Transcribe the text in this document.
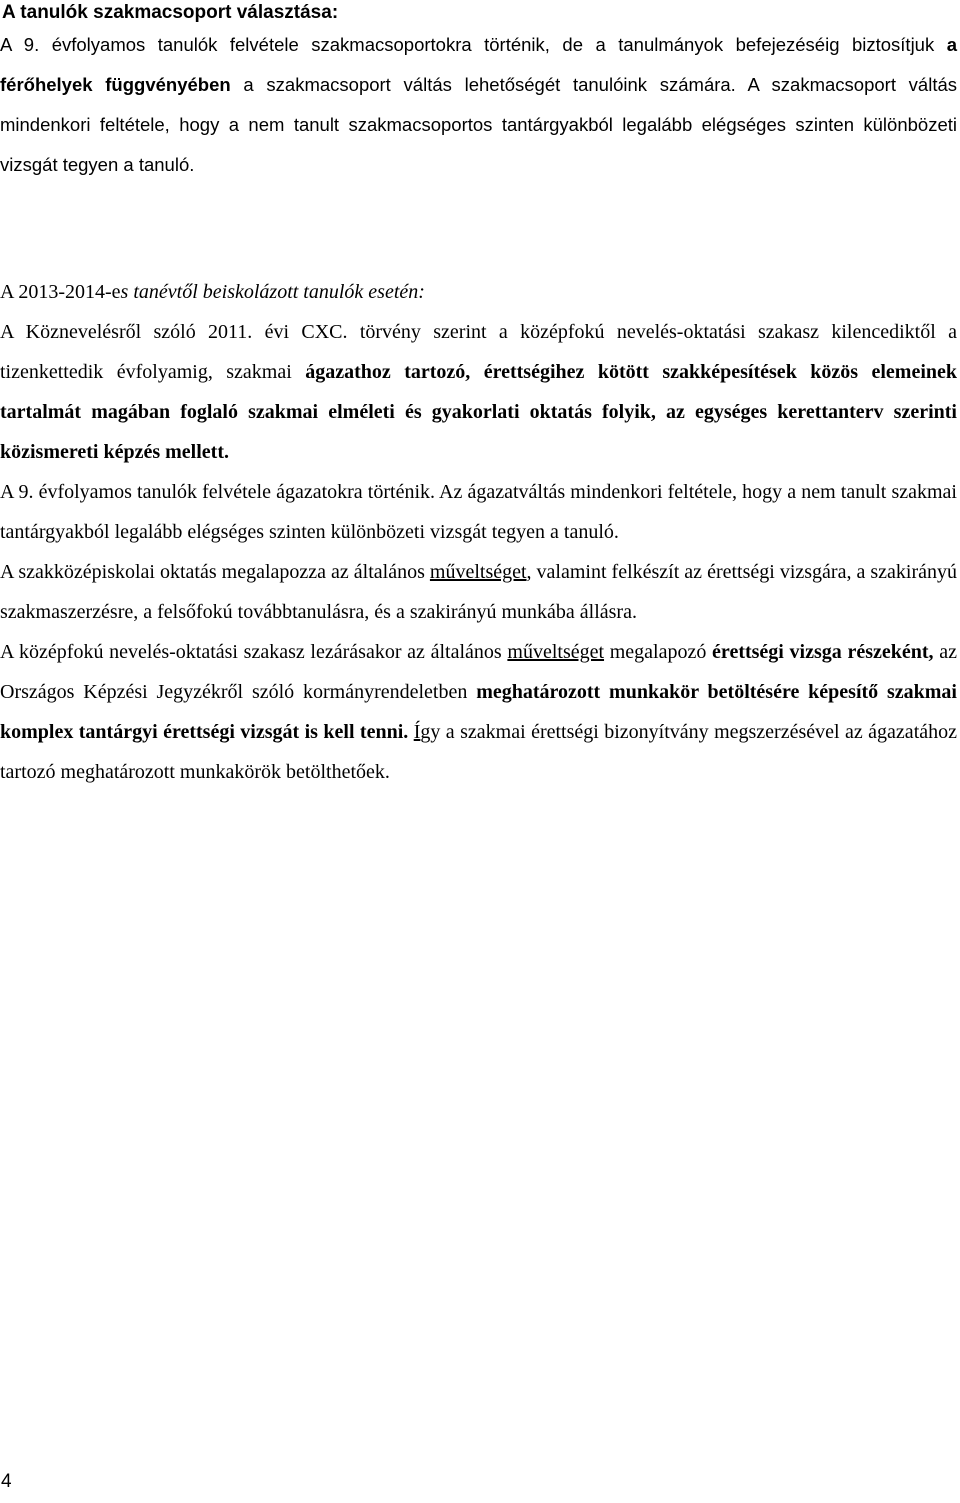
A tanulók szakmacsoport választása:

A 9. évfolyamos tanulók felvétele szakmacsoportokra történik, de a tanulmányok befejezéséig biztosítjuk a férőhelyek függvényében a szakmacsoport váltás lehetőségét tanulóink számára. A szakmacsoport váltás mindenkori feltétele, hogy a nem tanult szakmacsoportos tantárgyakból legalább elégséges szinten különbözeti vizsgát tegyen a tanuló.

A 2013-2014-es tanévtől beiskolázott tanulók esetén:

A Köznevelésről szóló 2011. évi CXC. törvény szerint a középfokú nevelés-oktatási szakasz kilencediktől a tizenkettedik évfolyamig, szakmai ágazathoz tartozó, érettségihez kötött szakképesítések közös elemeinek tartalmát magában foglaló szakmai elméleti és gyakorlati oktatás folyik, az egységes kerettanterv szerinti közismereti képzés mellett.

A 9. évfolyamos tanulók felvétele ágazatokra történik. Az ágazatváltás mindenkori feltétele, hogy a nem tanult szakmai tantárgyakból legalább elégséges szinten különbözeti vizsgát tegyen a tanuló.

A szakközépiskolai oktatás megalapozza az általános műveltséget, valamint felkészít az érettségi vizsgára, a szakirányú szakmaszerzésre, a felsőfokú továbbtanulásra, és a szakirányú munkába állásra.

A középfokú nevelés-oktatási szakasz lezárásakor az általános műveltséget megalapozó érettségi vizsga részeként, az Országos Képzési Jegyzékről szóló kormányrendeletben meghatározott munkakör betöltésére képesítő szakmai komplex tantárgyi érettségi vizsgát is kell tenni. Így a szakmai érettségi bizonyítvány megszerzésével az ágazatához tartozó meghatározott munkakörök betölthetőek.

4
